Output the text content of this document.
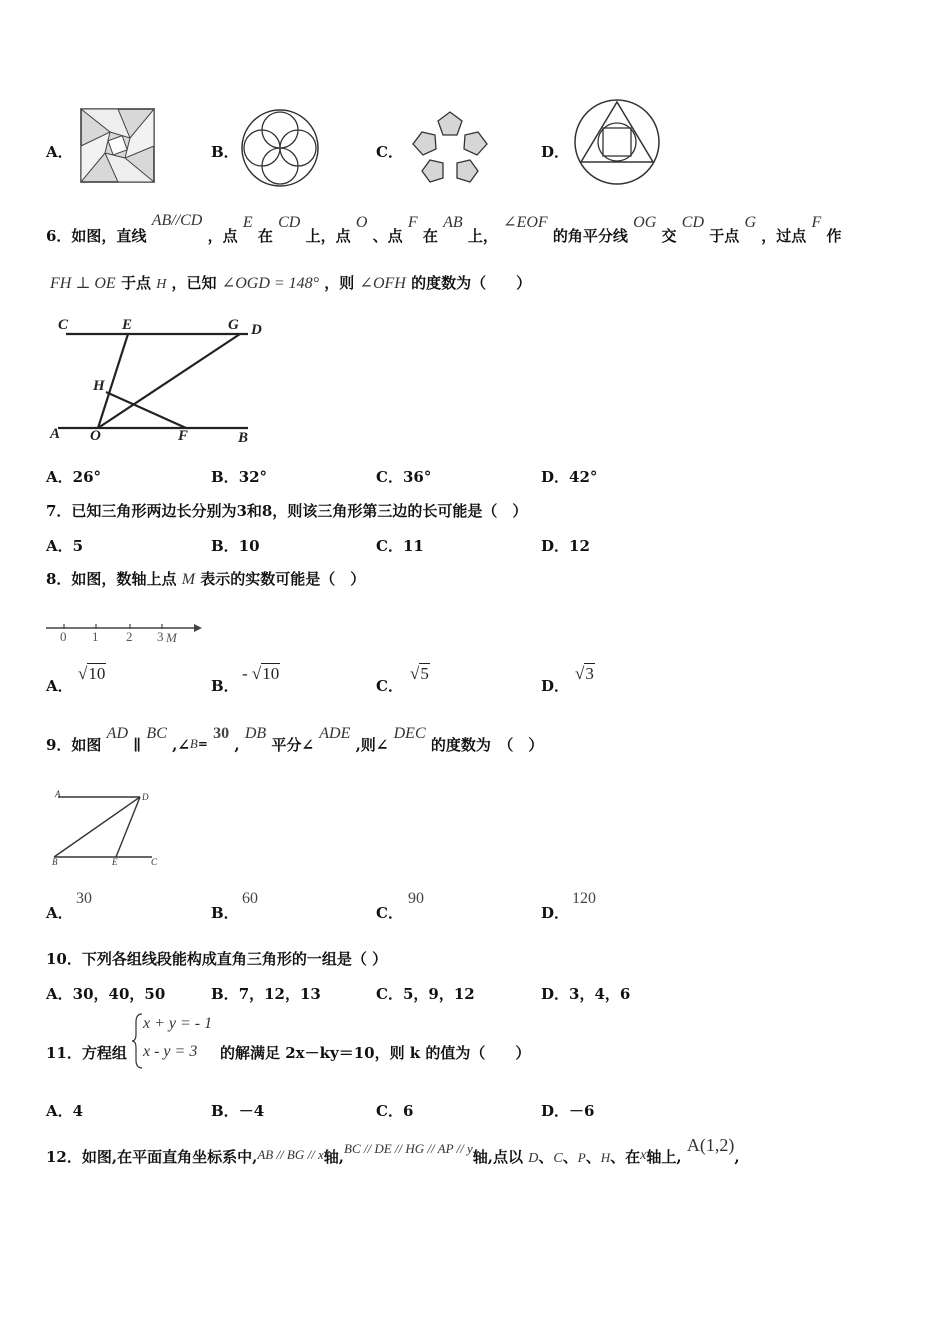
A．	B．	C．	D．
6．如图，直线 AB//CD ，点 E 在 CD 上，点 O 、点 F 在 AB 上， ∠EOF 的角平分线 OG 交 CD 于点 G ，过点 F 作
FH ⊥ OE 于点 H ，已知 ∠OGD = 148° ，则 ∠OFH 的度数为（　　）
C	E	G D
H
A O	F	B
A．26°	B．32°	C．36°	D．42°
7．已知三角形两边长分别为3和8，则该三角形第三边的长可能是（　）
A．5	B．10	C．11	D．12
8．如图，数轴上点 M 表示的实数可能是（　）
0 1 2 3 M
A．
√10
B．
- √10
C．
√5
D．
√3
9．如图 AD ∥ BC $,\angle B_=$ 30 , DB 平分∠ ADE ,则∠ DEC 的度数为　（　）
A	D
B	E	C
A．
30
B．
60
C．
90
D．
120
10．下列各组线段能构成直角三角形的一组是（ ）
A．30，40，50	B．7，12，13	C．5，9，12	D．3，4，6
11．方程组
x + y = - 1
x - y = 3 的解满足 2x－ky＝10，则 k 的值为（　　）
A．4	B．－4	C．6	D．－6
12．如图,在平面直角坐标系中,AB // BG // x轴,BC // DE // HG // AP // y轴,点以 D、C、P、H、在x轴上, A(1,2),
